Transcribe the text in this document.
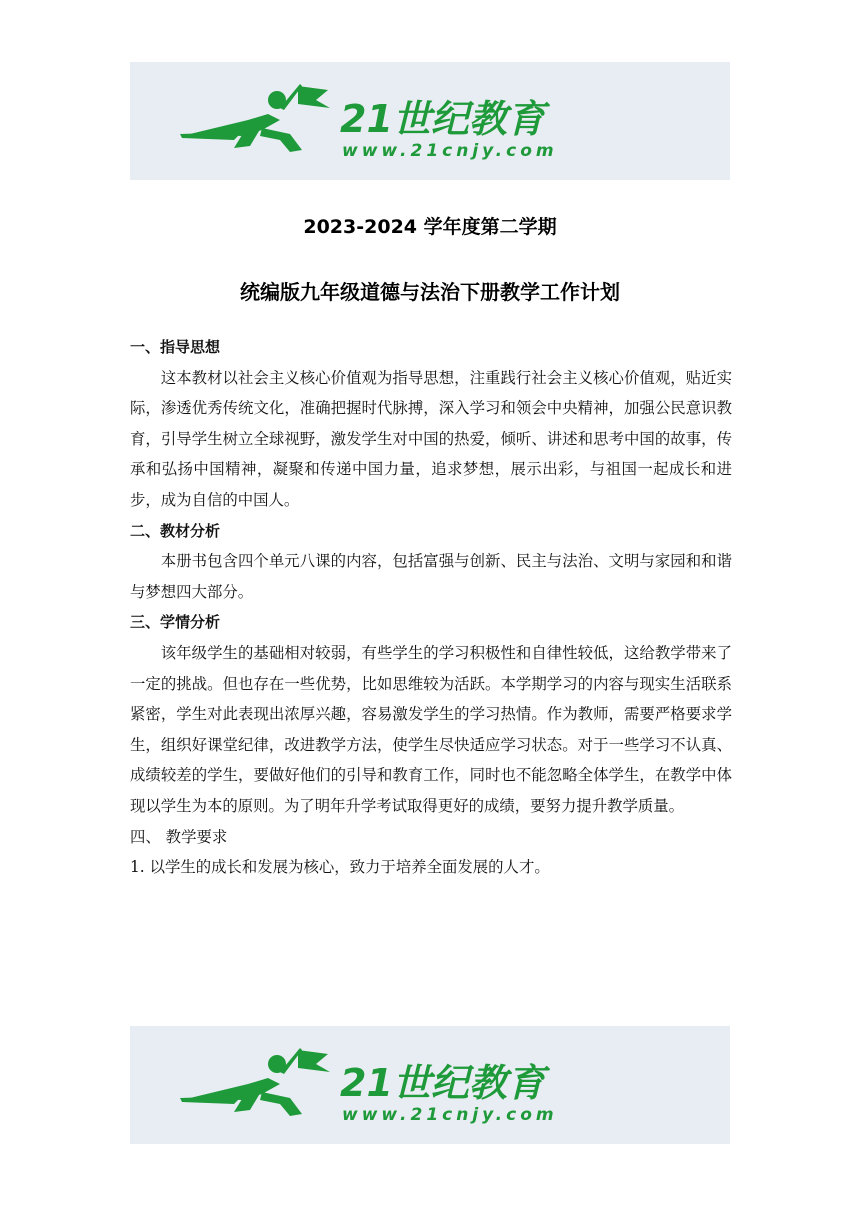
21世纪教育
www.21cnjy.com
2023-2024 学年度第二学期
统编版九年级道德与法治下册教学工作计划

一、指导思想

这本教材以社会主义核心价值观为指导思想，注重践行社会主义核心价值观，贴近实际，渗透优秀传统文化，准确把握时代脉搏，深入学习和领会中央精神，加强公民意识教育，引导学生树立全球视野，激发学生对中国的热爱，倾听、讲述和思考中国的故事，传承和弘扬中国精神，凝聚和传递中国力量，追求梦想，展示出彩，与祖国一起成长和进步，成为自信的中国人。

二、教材分析

本册书包含四个单元八课的内容，包括富强与创新、民主与法治、文明与家园和和谐与梦想四大部分。

三、学情分析

该年级学生的基础相对较弱，有些学生的学习积极性和自律性较低，这给教学带来了一定的挑战。但也存在一些优势，比如思维较为活跃。本学期学习的内容与现实生活联系紧密，学生对此表现出浓厚兴趣，容易激发学生的学习热情。作为教师，需要严格要求学生，组织好课堂纪律，改进教学方法，使学生尽快适应学习状态。对于一些学习不认真、成绩较差的学生，要做好他们的引导和教育工作，同时也不能忽略全体学生，在教学中体现以学生为本的原则。为了明年升学考试取得更好的成绩，要努力提升教学质量。

四、 教学要求

1. 以学生的成长和发展为核心，致力于培养全面发展的人才。

21世纪教育
www.21cnjy.com
